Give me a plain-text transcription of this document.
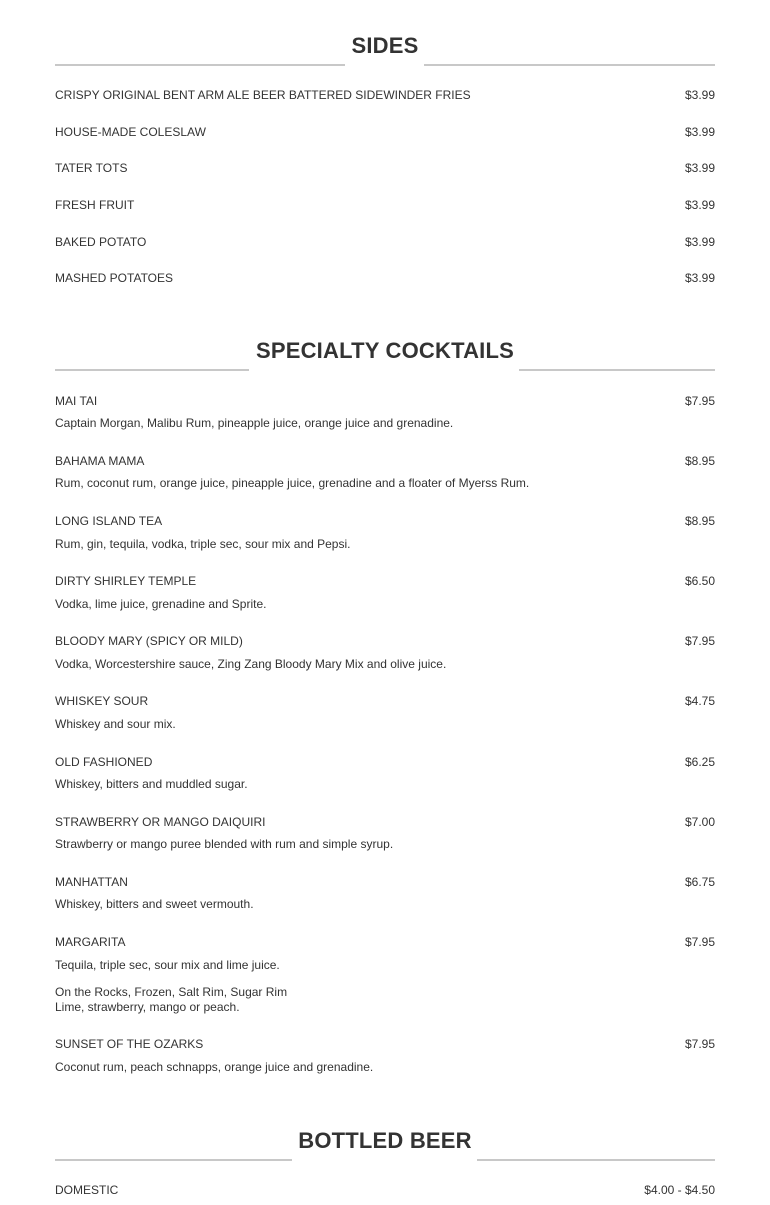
SIDES
CRISPY ORIGINAL BENT ARM ALE BEER BATTERED SIDEWINDER FRIES	$3.99
HOUSE-MADE COLESLAW	$3.99
TATER TOTS	$3.99
FRESH FRUIT	$3.99
BAKED POTATO	$3.99
MASHED POTATOES	$3.99
SPECIALTY COCKTAILS
MAI TAI	$7.95
Captain Morgan, Malibu Rum, pineapple juice, orange juice and grenadine.
BAHAMA MAMA	$8.95
Rum, coconut rum, orange juice, pineapple juice, grenadine and a floater of Myerss Rum.
LONG ISLAND TEA	$8.95
Rum, gin, tequila, vodka, triple sec, sour mix and Pepsi.
DIRTY SHIRLEY TEMPLE	$6.50
Vodka, lime juice, grenadine and Sprite.
BLOODY MARY (SPICY OR MILD)	$7.95
Vodka, Worcestershire sauce, Zing Zang Bloody Mary Mix and olive juice.
WHISKEY SOUR	$4.75
Whiskey and sour mix.
OLD FASHIONED	$6.25
Whiskey, bitters and muddled sugar.
STRAWBERRY OR MANGO DAIQUIRI	$7.00
Strawberry or mango puree blended with rum and simple syrup.
MANHATTAN	$6.75
Whiskey, bitters and sweet vermouth.
MARGARITA	$7.95
Tequila, triple sec, sour mix and lime juice.
On the Rocks, Frozen, Salt Rim, Sugar Rim
Lime, strawberry, mango or peach.
SUNSET OF THE OZARKS	$7.95
Coconut rum, peach schnapps, orange juice and grenadine.
BOTTLED BEER
DOMESTIC	$4.00 - $4.50
